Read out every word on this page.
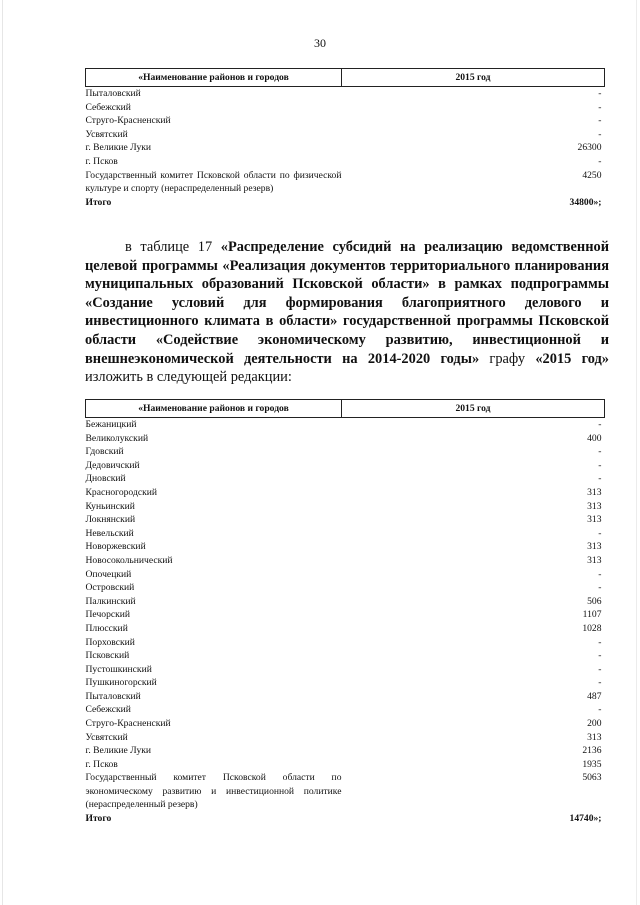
30
«Наименование районов и городов	2015 год
Пыталовский	-
Себежский	-
Струго-Красненский	-
Усвятский	-
г. Великие Луки	26300
г. Псков	-
Государственный комитет Псковской области по физической культуре и спорту (нераспределенный резерв)	4250
Итого	34800»;
в таблице 17 «Распределение субсидий на реализацию ведомственной целевой программы «Реализация документов территориального планирования муниципальных образований Псковской области» в рамках подпрограммы «Создание условий для формирования благоприятного делового и инвестиционного климата в области» государственной программы Псковской области «Содействие экономическому развитию, инвестиционной и внешнеэкономической деятельности на 2014-2020 годы» графу «2015 год» изложить в следующей редакции:
«Наименование районов и городов	2015 год
Бежаницкий	-
Великолукский	400
Гдовский	-
Дедовичский	-
Дновский	-
Красногородский	313
Куньинский	313
Локнянский	313
Невельский	-
Новоржевский	313
Новосокольнический	313
Опочецкий	-
Островский	-
Палкинский	506
Печорский	1107
Плюсский	1028
Порховский	-
Псковский	-
Пустошкинский	-
Пушкиногорский	-
Пыталовский	487
Себежский	-
Струго-Красненский	200
Усвятский	313
г. Великие Луки	2136
г. Псков	1935
Государственный комитет Псковской области по экономическому развитию и инвестиционной политике (нераспределенный резерв)	5063
Итого	14740»;
